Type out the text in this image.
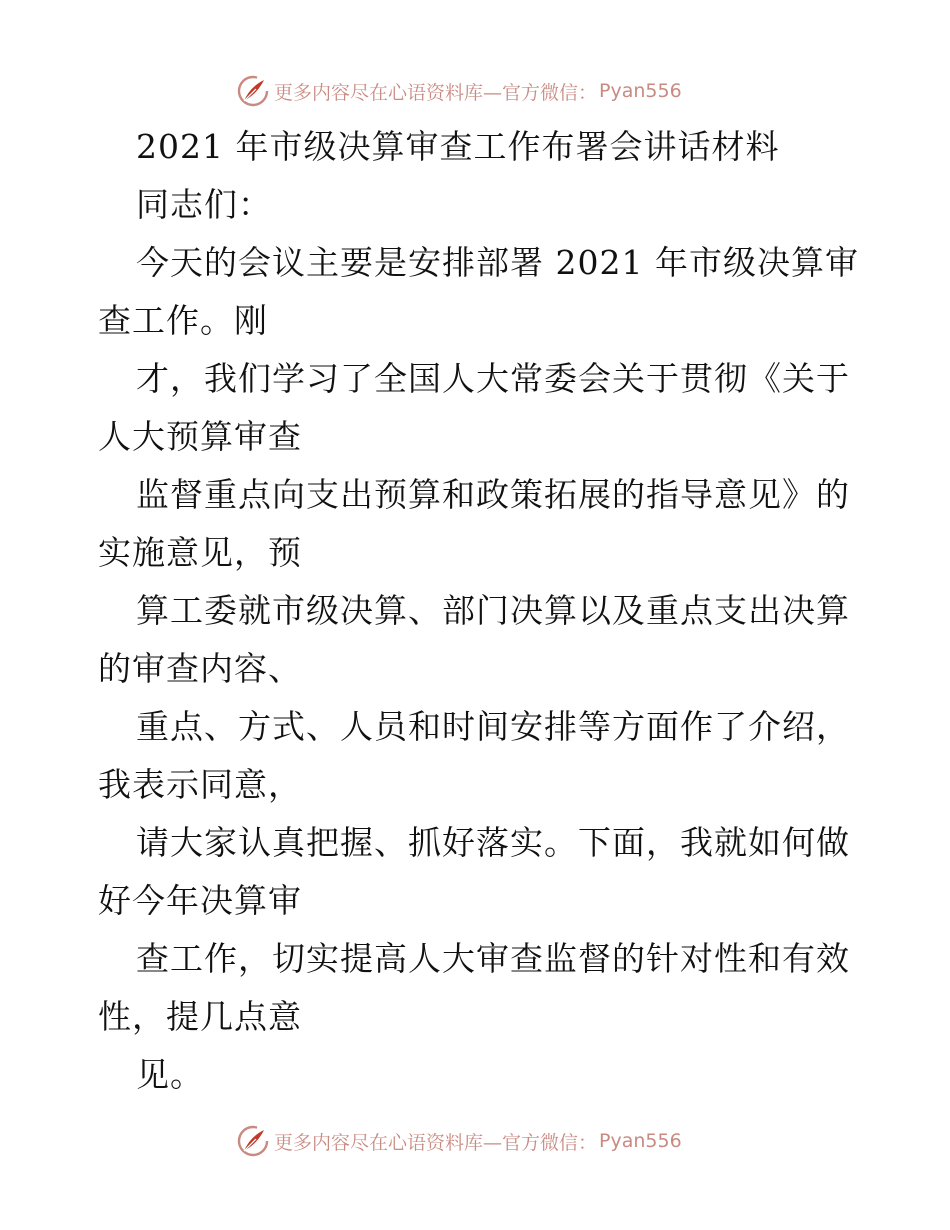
更多内容尽在心语资料库—官方微信： Pyan556
2021 年市级决算审查工作布署会讲话材料
同志们：
今天的会议主要是安排部署 2021 年市级决算审
查工作。刚
才，我们学习了全国人大常委会关于贯彻《关于
人大预算审查
监督重点向支出预算和政策拓展的指导意见》的
实施意见，预
算工委就市级决算、部门决算以及重点支出决算
的审查内容、
重点、方式、人员和时间安排等方面作了介绍，
我表示同意，
请大家认真把握、抓好落实。下面，我就如何做
好今年决算审
查工作，切实提高人大审查监督的针对性和有效
性，提几点意
见。
更多内容尽在心语资料库—官方微信： Pyan556
